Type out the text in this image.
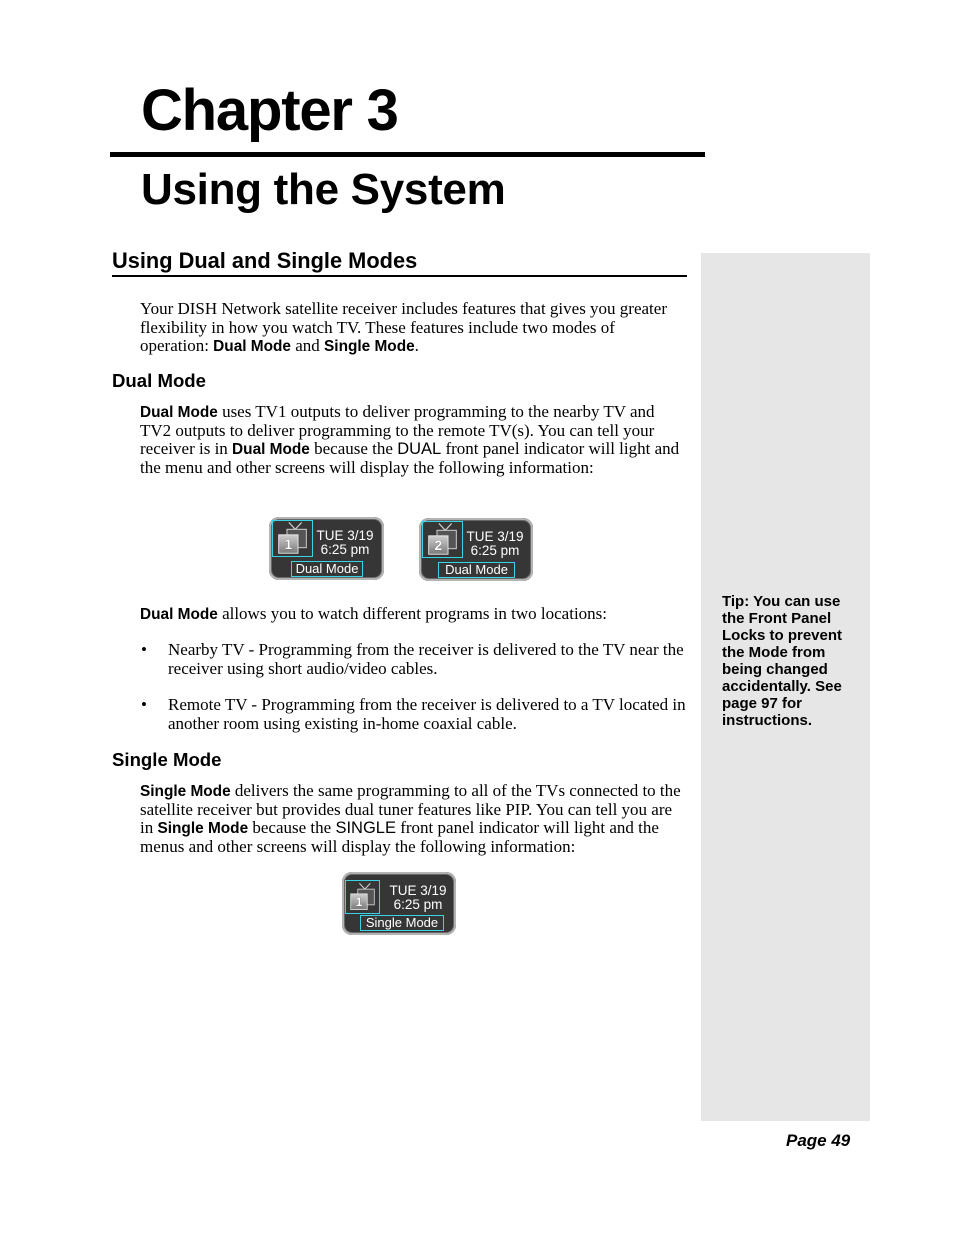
Chapter 3
Using the System
Tip: You can use
the Front Panel
Locks to prevent
the Mode from
being changed
accidentally. See
page 97 for
instructions.
Using Dual and Single Modes
Your DISH Network satellite receiver includes features that gives you greater
flexibility in how you watch TV. These features include two modes of
operation: Dual Mode and Single Mode.
Dual Mode
Dual Mode uses TV1 outputs to deliver programming to the nearby TV and
TV2 outputs to deliver programming to the remote TV(s). You can tell your
receiver is in Dual Mode because the DUAL front panel indicator will light and
the menu and other screens will display the following information:
1
TUE 3/19
6:25 pm
Dual Mode
2
TUE 3/19
6:25 pm
Dual Mode
Dual Mode allows you to watch different programs in two locations:
• Nearby TV - Programming from the receiver is delivered to the TV near the
receiver using short audio/video cables.
• Remote TV - Programming from the receiver is delivered to a TV located in
another room using existing in-home coaxial cable.
Single Mode
Single Mode delivers the same programming to all of the TVs connected to the
satellite receiver but provides dual tuner features like PIP. You can tell you are
in Single Mode because the SINGLE front panel indicator will light and the
menus and other screens will display the following information:
1
TUE 3/19
6:25 pm
Single Mode
Page 49
